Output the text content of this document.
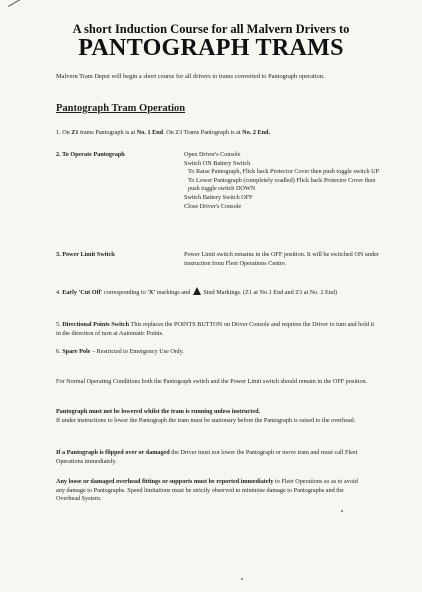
A short Induction Course for all Malvern Drivers to
PANTOGRAPH TRAMS
Malvern Tram Depot will begin a short course for all drivers to trams converted to Pantograph operation.
Pantograph Tram Operation
1. On Z1 trams Pantograph is at No. 1 End. On Z3 Trams Pantograph is at No. 2 End.
2. To Operate Pantograph	Open Driver's Console
Switch ON Battery Switch
To Raise Pantograph, Flick back Protector Cover then push toggle switch UP
To Lower Pantograph (completely cradled) Flick back Protector Cover then push toggle switch DOWN
Switch Battery Switch OFF
Close Driver's Console
3. Power Limit Switch	Power Limit switch remains in the OFF position. It will be switched ON under instruction from Fleet Operations Centre.
4. Early 'Cut Off' corresponding to 'X' markings and  Stud Markings. (Z1 at No.1 End and Z3 at No. 2 End)
5. Directional Points Switch This replaces the POINTS BUTTON on Driver Console and requires the Driver to turn and hold it in the direction of turn at Automatic Points.
6. Spare Pole – Restricted to Emergency Use Only.
For Normal Operating Conditions both the Pantograph switch and the Power Limit switch should remain in the OFF position.
Pantograph must not be lowered whilst the tram is running unless instructed.
If under instructions to lower the Pantograph the tram must be stationary before the Pantograph is raised to the overhead.
If a Pantograph is flipped over or damaged the Driver must not lower the Pantograph or move tram and must call Fleet Operations immediately.
Any loose or damaged overhead fittings or supports must be reported immediately to Fleet Operations so as to avoid any damage to Pantographs. Speed limitations must be strictly observed to minimise damage to Pantographs and the Overhead System.
